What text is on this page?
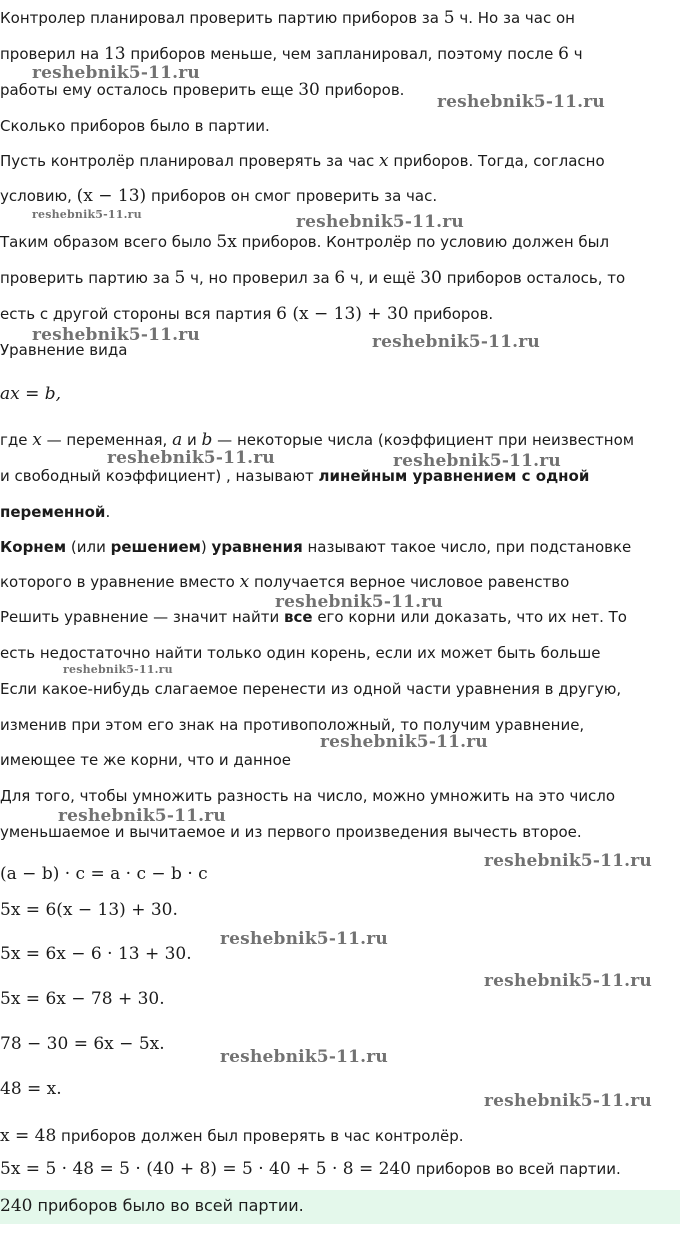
Контролер планировал проверить партию приборов за 5 ч. Но за час он
проверил на 13 приборов меньше, чем запланировал, поэтому после 6 ч
работы ему осталось проверить еще 30 приборов.
Сколько приборов было в партии.
Пусть контролёр планировал проверять за час x приборов. Тогда, согласно
условию, (x − 13) приборов он смог проверить за час.
Таким образом всего было 5x приборов. Контролёр по условию должен был
проверить партию за 5 ч, но проверил за 6 ч, и ещё 30 приборов осталось, то
есть с другой стороны вся партия 6 (x − 13) + 30 приборов.
Уравнение вида
ax = b,
где x — переменная, a и b — некоторые числа (коэффициент при неизвестном
и свободный коэффициент) , называют линейным уравнением с одной
переменной.
Корнем (или решением) уравнения называют такое число, при подстановке
которого в уравнение вместо x получается верное числовое равенство
Решить уравнение — значит найти все его корни или доказать, что их нет. То
есть недостаточно найти только один корень, если их может быть больше
Если какое-нибудь слагаемое перенести из одной части уравнения в другую,
изменив при этом его знак на противоположный, то получим уравнение,
имеющее те же корни, что и данное
Для того, чтобы умножить разность на число, можно умножить на это число
уменьшаемое и вычитаемое и из первого произведения вычесть второе.
(a − b) · c = a · c − b · c
5x = 6(x − 13) + 30.
5x = 6x − 6 · 13 + 30.
5x = 6x − 78 + 30.
78 − 30 = 6x − 5x.
48 = x.
x = 48 приборов должен был проверять в час контролёр.
5x = 5 · 48 = 5 · (40 + 8) = 5 · 40 + 5 · 8 = 240 приборов во всей партии.
240 приборов было во всей партии.
reshebnik5-11.ru
reshebnik5-11.ru
reshebnik5-11.ru	reshebnik5-11.ru
reshebnik5-11.ru	reshebnik5-11.ru
reshebnik5-11.ru	reshebnik5-11.ru
reshebnik5-11.ru
reshebnik5-11.ru
reshebnik5-11.ru
reshebnik5-11.ru
reshebnik5-11.ru
reshebnik5-11.ru
reshebnik5-11.ru
reshebnik5-11.ru
reshebnik5-11.ru
